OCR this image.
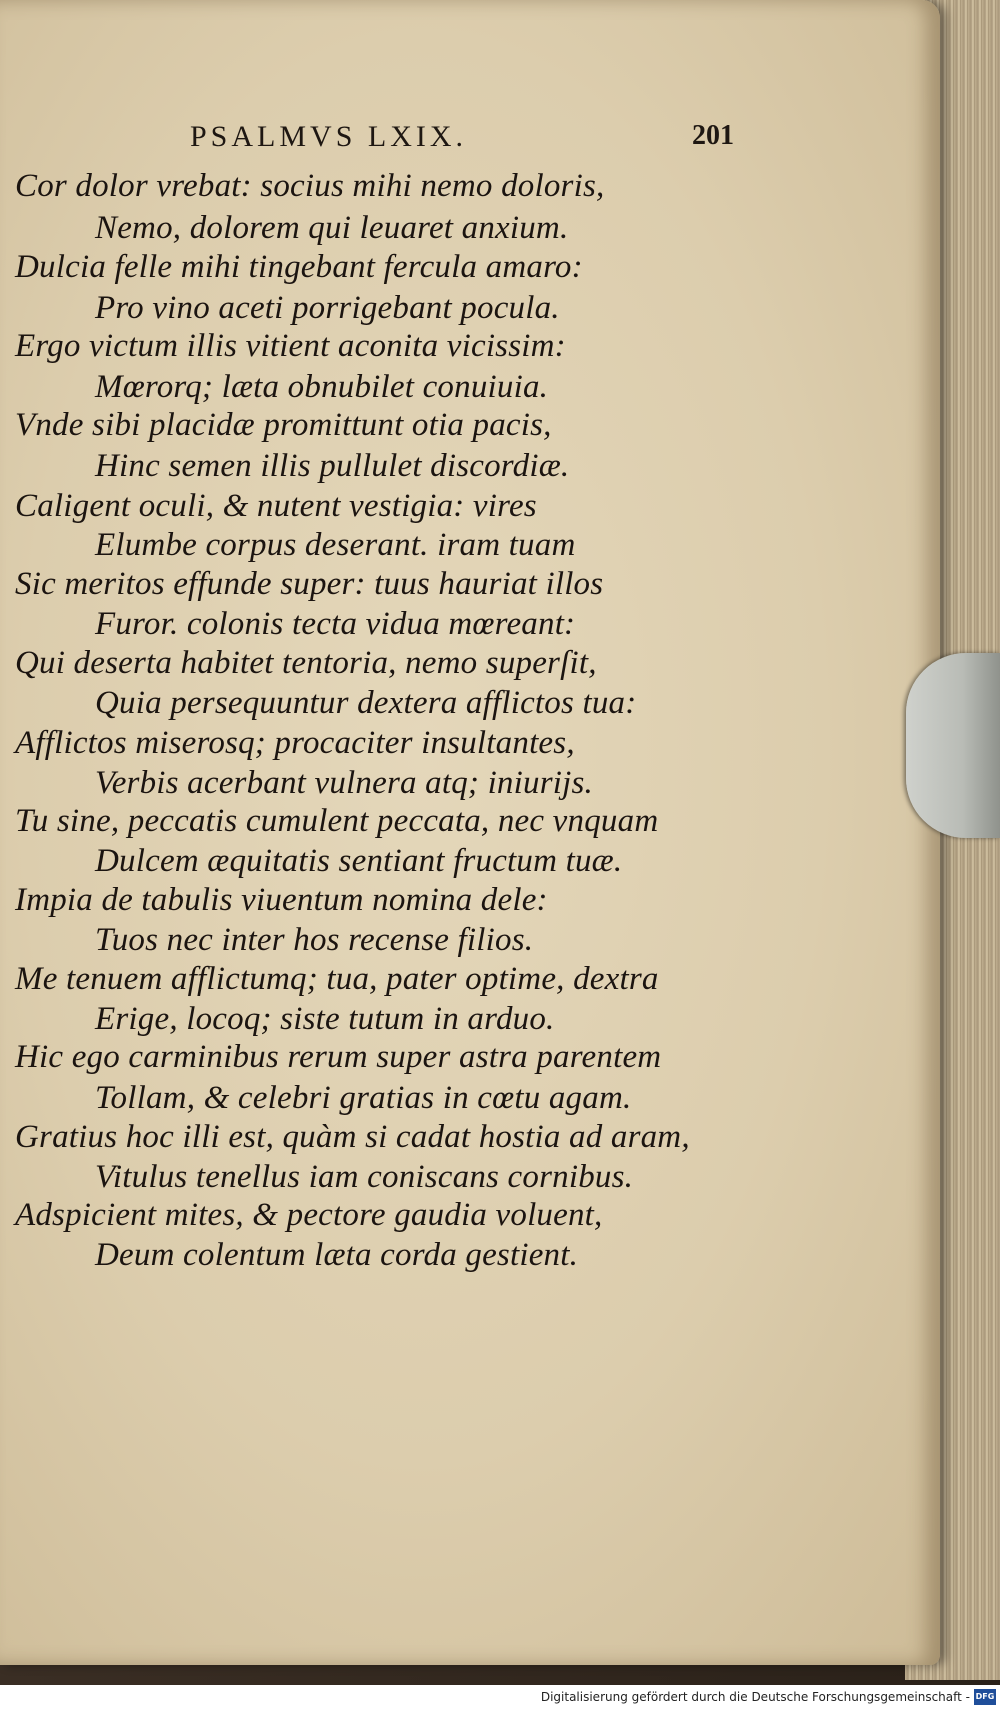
PSALMVS LXIX.	201
Cor dolor vrebat: socius mihi nemo doloris,
Nemo, dolorem qui leuaret anxium.
Dulcia felle mihi tingebant fercula amaro:
Pro vino aceti porrigebant pocula.
Ergo victum illis vitient aconita vicissim:
Mœrorq; læta obnubilet conuiuia.
Vnde sibi placidæ promittunt otia pacis,
Hinc semen illis pullulet discordiæ.
Caligent oculi, & nutent vestigia: vires
Elumbe corpus deserant. iram tuam
Sic meritos effunde super: tuus hauriat illos
Furor. colonis tecta vidua mœreant:
Qui deserta habitet tentoria, nemo superſit,
Quia persequuntur dextera afflictos tua:
Afflictos miserosq; procaciter insultantes,
Verbis acerbant vulnera atq; iniurijs.
Tu sine, peccatis cumulent peccata, nec vnquam
Dulcem æquitatis sentiant fructum tuæ.
Impia de tabulis viuentum nomina dele:
Tuos nec inter hos recense filios.
Me tenuem afflictumq; tua, pater optime, dextra
Erige, locoq; siste tutum in arduo.
Hic ego carminibus rerum super astra parentem
Tollam, & celebri gratias in cœtu agam.
Gratius hoc illi est, quàm si cadat hostia ad aram,
Vitulus tenellus iam coniscans cornibus.
Adspicient mites, & pectore gaudia voluent,
Deum colentum læta corda gestient.
Digitalisierung gefördert durch die Deutsche Forschungsgemeinschaft - DFG
